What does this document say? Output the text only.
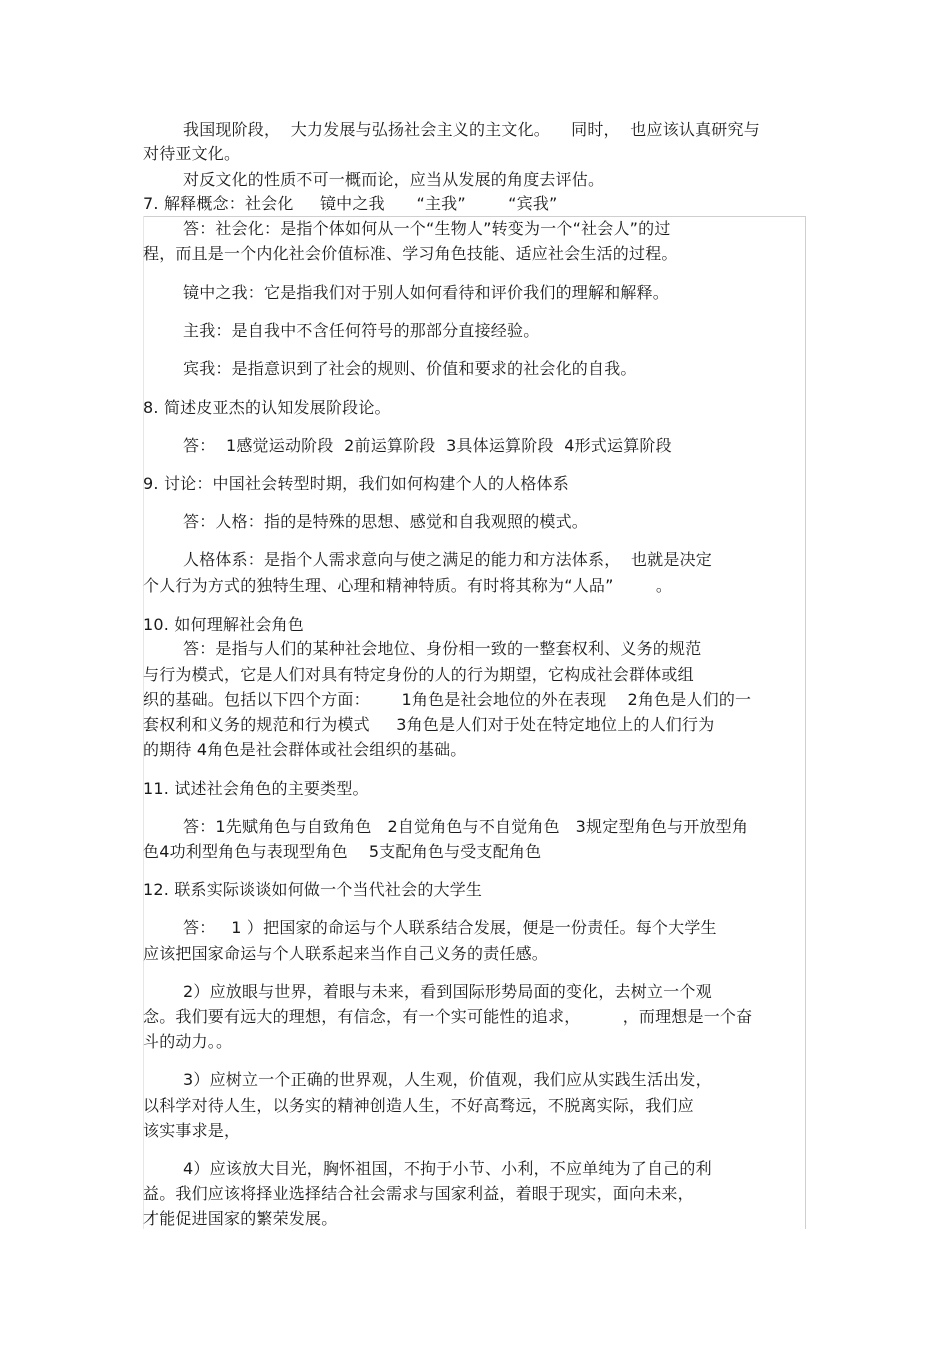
我国现阶段，  大力发展与弘扬社会主义的主文化。    同时，  也应该认真研究与
对待亚文化。
对反文化的性质不可一概而论，应当从发展的角度去评估。
7. 解释概念：社会化     镜中之我      “主我”        “宾我”
答：社会化：是指个体如何从一个“生物人”转变为一个“社会人”的过
程，而且是一个内化社会价值标准、学习角色技能、适应社会生活的过程。
镜中之我：它是指我们对于别人如何看待和评价我们的理解和解释。
主我：是自我中不含任何符号的那部分直接经验。
宾我：是指意识到了社会的规则、价值和要求的社会化的自我。
8. 简述皮亚杰的认知发展阶段论。
答：  1感觉运动阶段  2前运算阶段  3具体运算阶段  4形式运算阶段
9. 讨论：中国社会转型时期，我们如何构建个人的人格体系
答：人格：指的是特殊的思想、感觉和自我观照的模式。
人格体系：是指个人需求意向与使之满足的能力和方法体系，  也就是决定
个人行为方式的独特生理、心理和精神特质。有时将其称为“人品”        。
10. 如何理解社会角色
答：是指与人们的某种社会地位、身份相一致的一整套权利、义务的规范
与行为模式，它是人们对具有特定身份的人的行为期望，它构成社会群体或组
织的基础。包括以下四个方面：      1角色是社会地位的外在表现    2角色是人们的一
套权利和义务的规范和行为模式     3角色是人们对于处在特定地位上的人们行为
的期待 4角色是社会群体或社会组织的基础。
11. 试述社会角色的主要类型。
答：1先赋角色与自致角色   2自觉角色与不自觉角色   3规定型角色与开放型角
色4功利型角色与表现型角色    5支配角色与受支配角色
12. 联系实际谈谈如何做一个当代社会的大学生
答：   1 ）把国家的命运与个人联系结合发展，便是一份责任。每个大学生
应该把国家命运与个人联系起来当作自己义务的责任感。
2）应放眼与世界，着眼与未来，看到国际形势局面的变化，去树立一个观
念。我们要有远大的理想，有信念，有一个实可能性的追求，        ，而理想是一个奋
斗的动力。。
3）应树立一个正确的世界观，人生观，价值观，我们应从实践生活出发，
以科学对待人生，以务实的精神创造人生，不好高骛远，不脱离实际，我们应
该实事求是，
4）应该放大目光，胸怀祖国，不拘于小节、小利，不应单纯为了自己的利
益。我们应该将择业选择结合社会需求与国家利益，着眼于现实，面向未来，
才能促进国家的繁荣发展。
